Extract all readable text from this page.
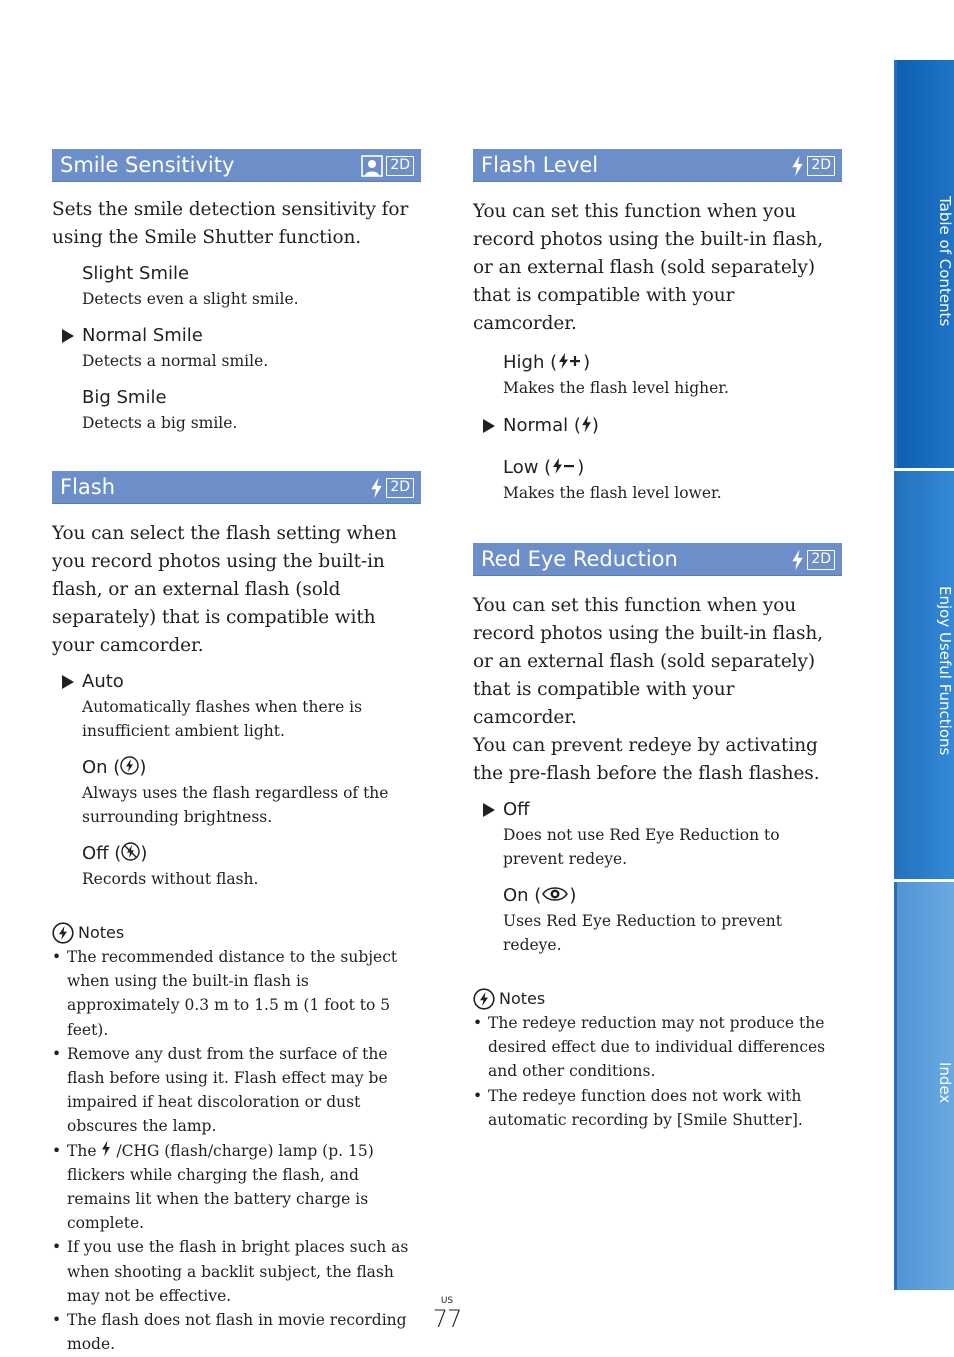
Smile Sensitivity	2D

Sets the smile detection sensitivity for using the Smile Shutter function.

Slight Smile
Detects even a slight smile.
Normal Smile
Detects a normal smile.
Big Smile
Detects a big smile.
Flash	2D

You can select the flash setting when you record photos using the built-in flash, or an external flash (sold separately) that is compatible with your camcorder.

Auto
Automatically flashes when there is insufficient ambient light.
On ( )
Always uses the flash regardless of the surrounding brightness.
Off ( )
Records without flash.
Notes
• The recommended distance to the subject when using the built-in flash is approximately 0.3 m to 1.5 m (1 foot to 5 feet).
• Remove any dust from the surface of the flash before using it. Flash effect may be impaired if heat discoloration or dust obscures the lamp.
• The  /CHG (flash/charge) lamp (p. 15) flickers while charging the flash, and remains lit when the battery charge is complete.
• If you use the flash in bright places such as when shooting a backlit subject, the flash may not be effective.
• The flash does not flash in movie recording mode.
Flash Level	2D

You can set this function when you record photos using the built-in flash, or an external flash (sold separately) that is compatible with your camcorder.

High ( )
Makes the flash level higher.
Normal ( )
Low ( )
Makes the flash level lower.
Red Eye Reduction	2D

You can set this function when you record photos using the built-in flash, or an external flash (sold separately) that is compatible with your camcorder.
You can prevent redeye by activating the pre-flash before the flash flashes.

Off
Does not use Red Eye Reduction to prevent redeye.
On ( )
Uses Red Eye Reduction to prevent redeye.
Notes
• The redeye reduction may not produce the desired effect due to individual differences and other conditions.
• The redeye function does not work with automatic recording by [Smile Shutter].
Table of Contents
Enjoy Useful Functions
Index
US
77
